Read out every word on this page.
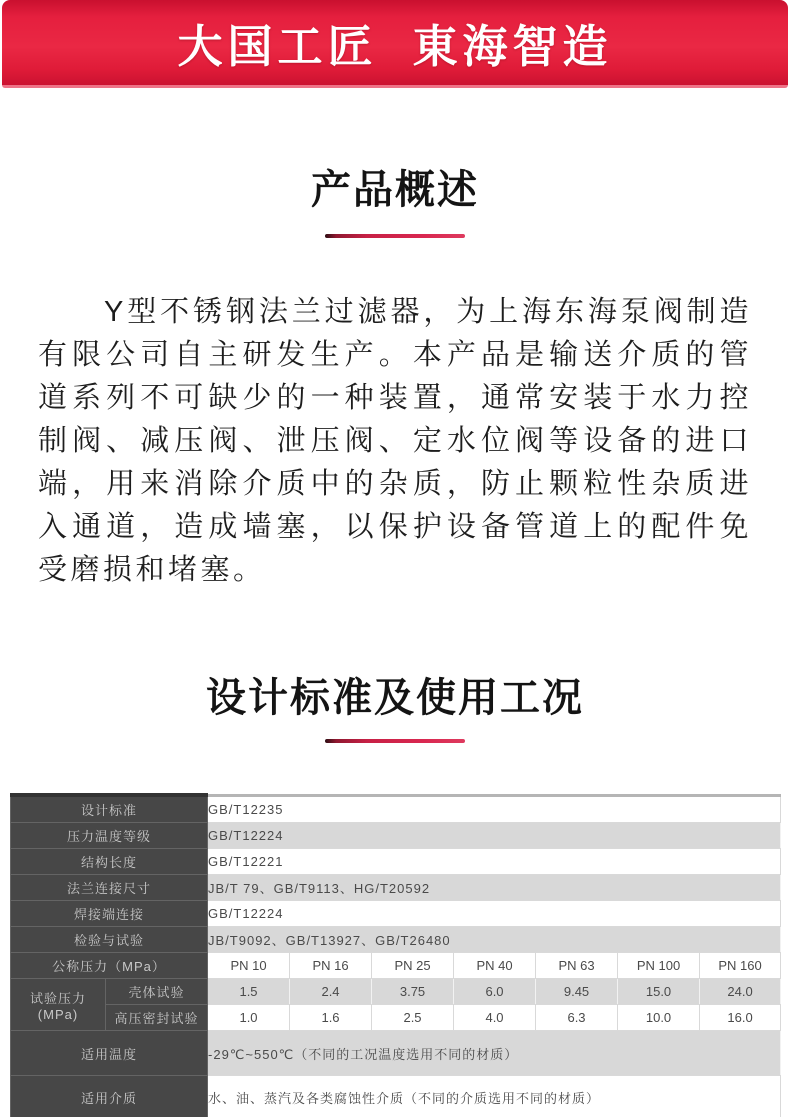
大国工匠  東海智造
产品概述

Y型不锈钢法兰过滤器，为上海东海泵阀制造有限公司自主研发生产。本产品是输送介质的管道系列不可缺少的一种装置，通常安装于水力控制阀、减压阀、泄压阀、定水位阀等设备的进口端，用来消除介质中的杂质，防止颗粒性杂质进入通道，造成墙塞，以保护设备管道上的配件免受磨损和堵塞。

设计标准及使用工况
设计标准		GB/T12235						
压力温度等级		GB/T12224						
结构长度		GB/T12221						
法兰连接尺寸		JB/T 79、GB/T9113、HG/T20592						
焊接端连接		GB/T12224						
检验与试验		JB/T9092、GB/T13927、GB/T26480						
公称压力（MPa）		PN 10	PN 16	PN 25	PN 40	PN 63	PN 100	PN 160
试验压力(MPa)	壳体试验	1.5	2.4	3.75	6.0	9.45	15.0	24.0
	高压密封试验	1.0	1.6	2.5	4.0	6.3	10.0	16.0
适用温度		-29℃~550℃（不同的工况温度选用不同的材质）						
适用介质		水、油、蒸汽及各类腐蚀性介质（不同的介质选用不同的材质）						
